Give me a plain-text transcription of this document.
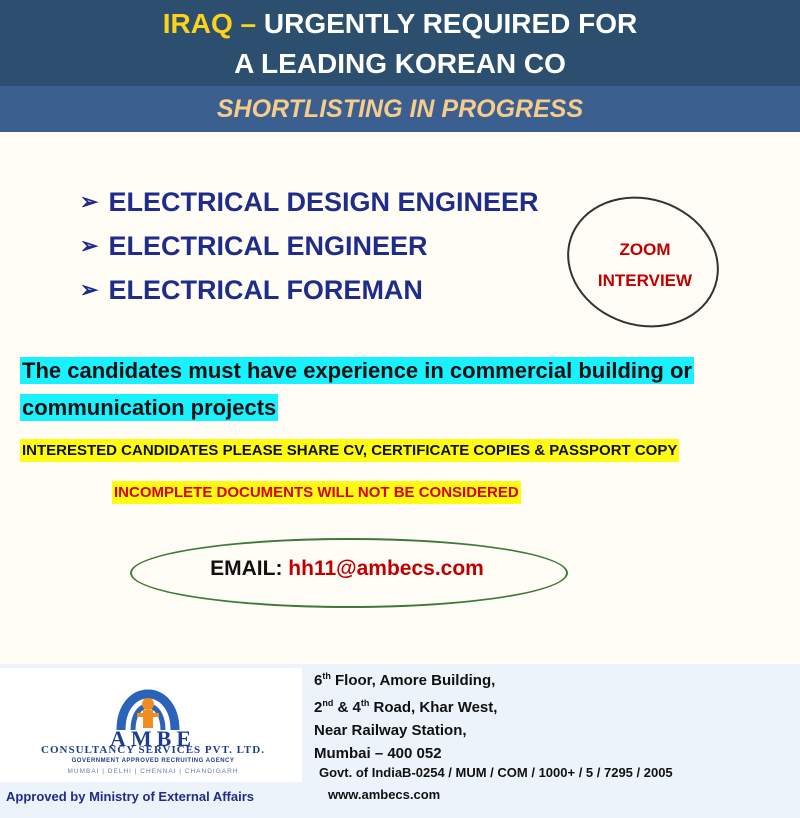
IRAQ – URGENTLY REQUIRED FOR
A LEADING KOREAN CO
SHORTLISTING IN PROGRESS
➢ ELECTRICAL DESIGN ENGINEER
➢ ELECTRICAL ENGINEER
➢ ELECTRICAL FOREMAN
ZOOM
INTERVIEW
The candidates must have experience in commercial building or communication projects
INTERESTED CANDIDATES PLEASE SHARE CV, CERTIFICATE COPIES & PASSPORT COPY
INCOMPLETE DOCUMENTS WILL NOT BE CONSIDERED
EMAIL: hh11@ambecs.com
AMBE
CONSULTANCY SERVICES PVT. LTD.
GOVERNMENT APPROVED RECRUITING AGENCY
MUMBAI | DELHI | CHENNAI | CHANDIGARH
Approved by Ministry of External Affairs
6th Floor, Amore Building,
2nd & 4th Road, Khar West,
Near Railway Station,
Mumbai – 400 052
Govt. of IndiaB-0254 / MUM / COM / 1000+ / 5 / 7295 / 2005
www.ambecs.com
